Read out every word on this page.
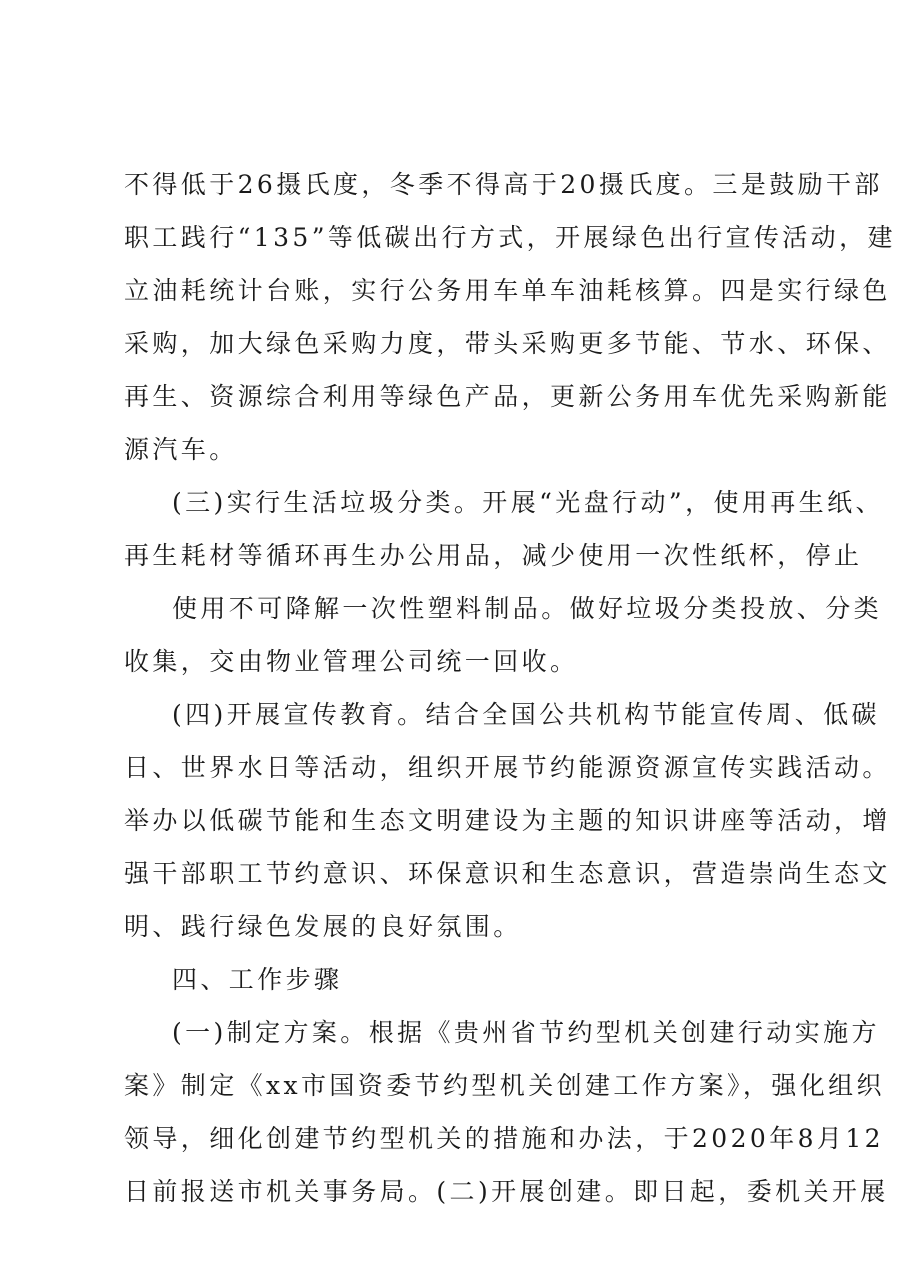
不得低于26摄氏度，冬季不得高于20摄氏度。三是鼓励干部
职工践行“135”等低碳出行方式，开展绿色出行宣传活动，建
立油耗统计台账，实行公务用车单车油耗核算。四是实行绿色
采购，加大绿色采购力度，带头采购更多节能、节水、环保、
再生、资源综合利用等绿色产品，更新公务用车优先采购新能
源汽车。
(三)实行生活垃圾分类。开展“光盘行动”，使用再生纸、
再生耗材等循环再生办公用品，减少使用一次性纸杯，停止
使用不可降解一次性塑料制品。做好垃圾分类投放、分类
收集，交由物业管理公司统一回收。
(四)开展宣传教育。结合全国公共机构节能宣传周、低碳
日、世界水日等活动，组织开展节约能源资源宣传实践活动。
举办以低碳节能和生态文明建设为主题的知识讲座等活动，增
强干部职工节约意识、环保意识和生态意识，营造崇尚生态文
明、践行绿色发展的良好氛围。
四、工作步骤
(一)制定方案。根据《贵州省节约型机关创建行动实施方
案》制定《xx市国资委节约型机关创建工作方案》，强化组织
领导，细化创建节约型机关的措施和办法，于2020年8月12
日前报送市机关事务局。(二)开展创建。即日起，委机关开展
